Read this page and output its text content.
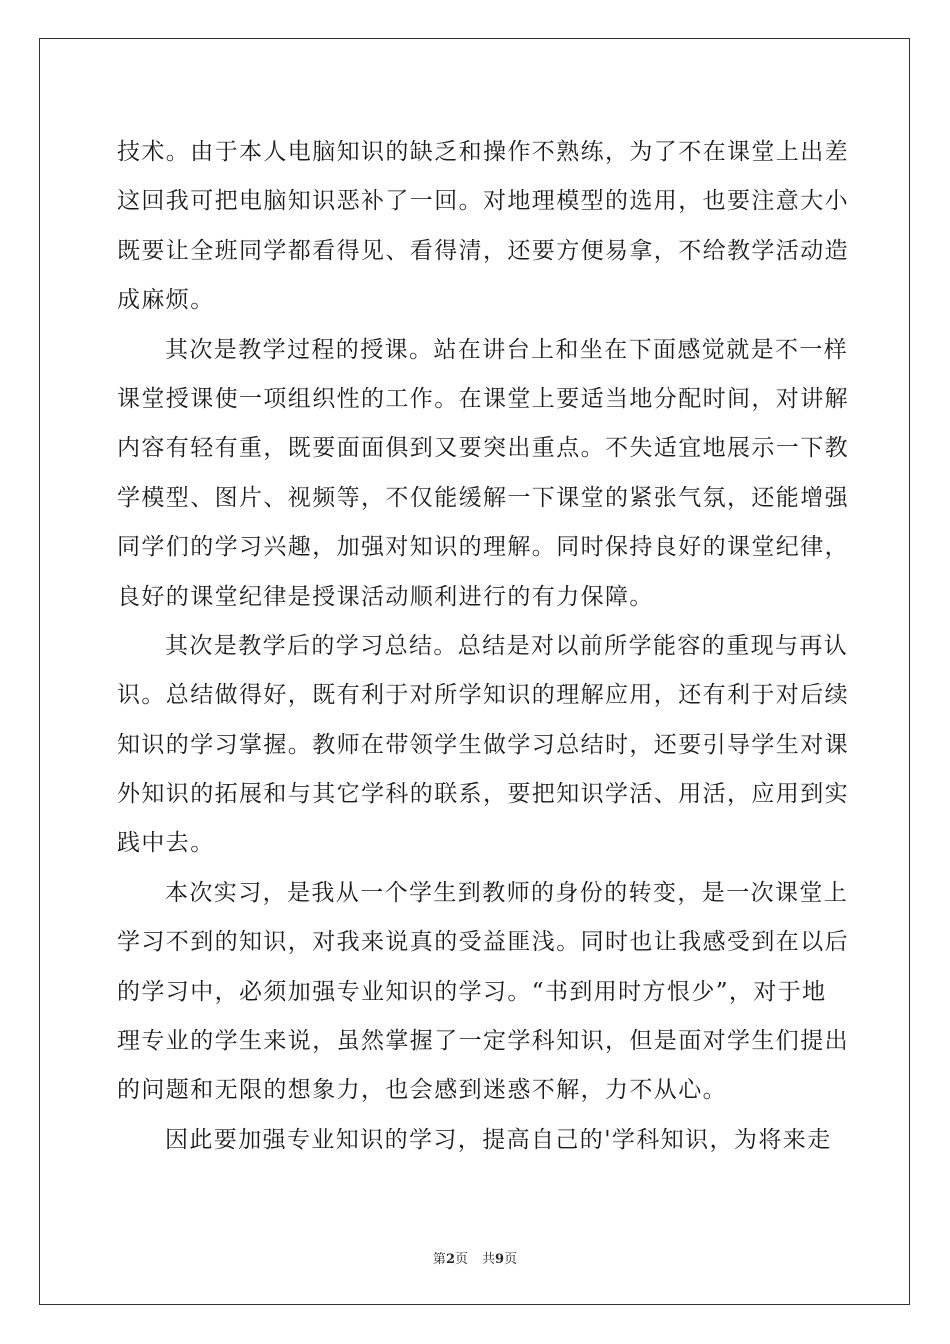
技术。由于本人电脑知识的缺乏和操作不熟练，为了不在课堂上出差
这回我可把电脑知识恶补了一回。对地理模型的选用，也要注意大小
既要让全班同学都看得见、看得清，还要方便易拿，不给教学活动造
成麻烦。
其次是教学过程的授课。站在讲台上和坐在下面感觉就是不一样
课堂授课使一项组织性的工作。在课堂上要适当地分配时间，对讲解
内容有轻有重，既要面面俱到又要突出重点。不失适宜地展示一下教
学模型、图片、视频等，不仅能缓解一下课堂的紧张气氛，还能增强
同学们的学习兴趣，加强对知识的理解。同时保持良好的课堂纪律，
良好的课堂纪律是授课活动顺利进行的有力保障。
其次是教学后的学习总结。总结是对以前所学能容的重现与再认
识。总结做得好，既有利于对所学知识的理解应用，还有利于对后续
知识的学习掌握。教师在带领学生做学习总结时，还要引导学生对课
外知识的拓展和与其它学科的联系，要把知识学活、用活，应用到实
践中去。
本次实习，是我从一个学生到教师的身份的转变，是一次课堂上
学习不到的知识，对我来说真的受益匪浅。同时也让我感受到在以后
的学习中，必须加强专业知识的学习。“书到用时方恨少”，对于地
理专业的学生来说，虽然掌握了一定学科知识，但是面对学生们提出
的问题和无限的想象力，也会感到迷惑不解，力不从心。
因此要加强专业知识的学习，提高自己的'学科知识，为将来走
第2页 共9页
